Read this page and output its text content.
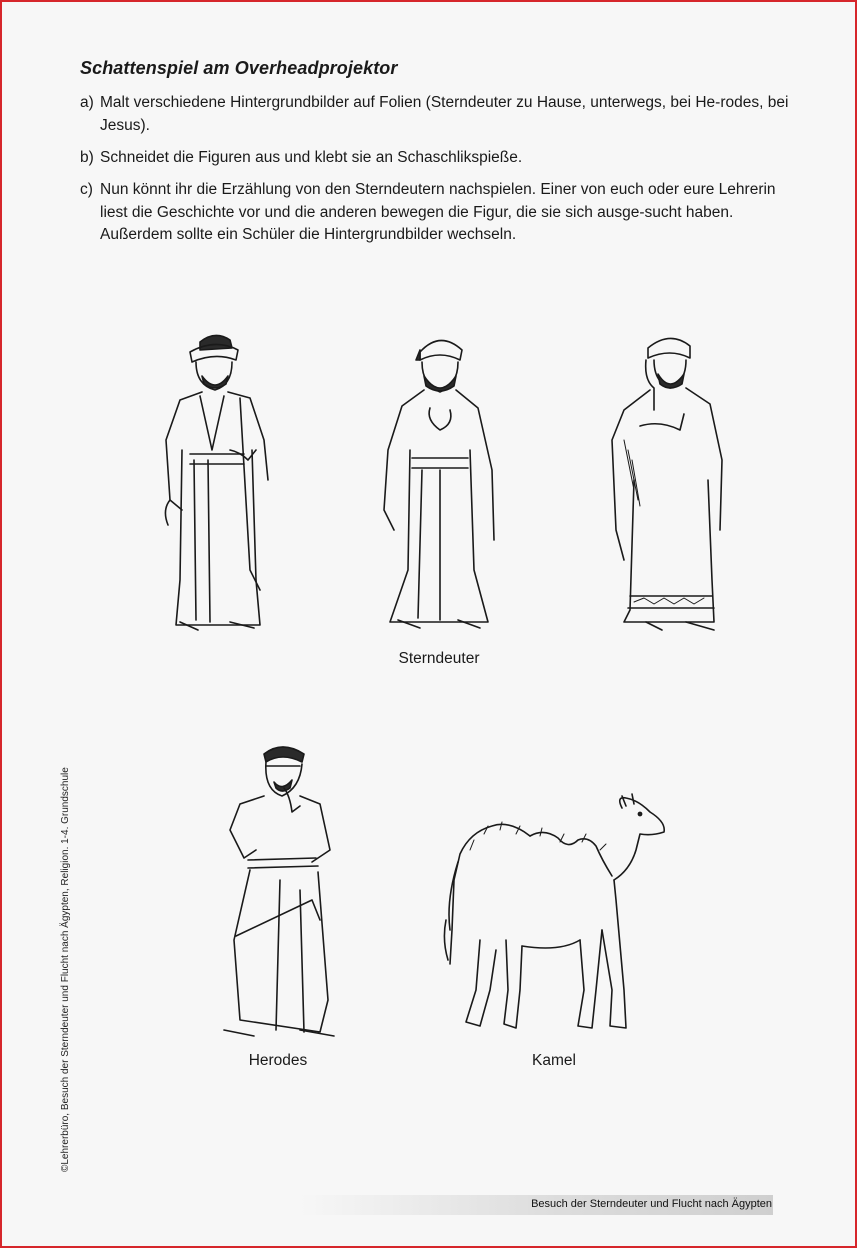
Schattenspiel am Overheadprojektor
a) Malt verschiedene Hintergrundbilder auf Folien (Sterndeuter zu Hause, unterwegs, bei He-rodes, bei Jesus).
b) Schneidet die Figuren aus und klebt sie an Schaschlikspieße.
c) Nun könnt ihr die Erzählung von den Sterndeutern nachspielen. Einer von euch oder eure Lehrerin liest die Geschichte vor und die anderen bewegen die Figur, die sie sich ausge-sucht haben. Außerdem sollte ein Schüler die Hintergrundbilder wechseln.
Sterndeuter
Herodes	Kamel
©Lehrerbüro, Besuch der Sterndeuter und Flucht nach Ägypten, Religion. 1-4. Grundschule
Besuch der Sterndeuter und Flucht nach Ägypten
